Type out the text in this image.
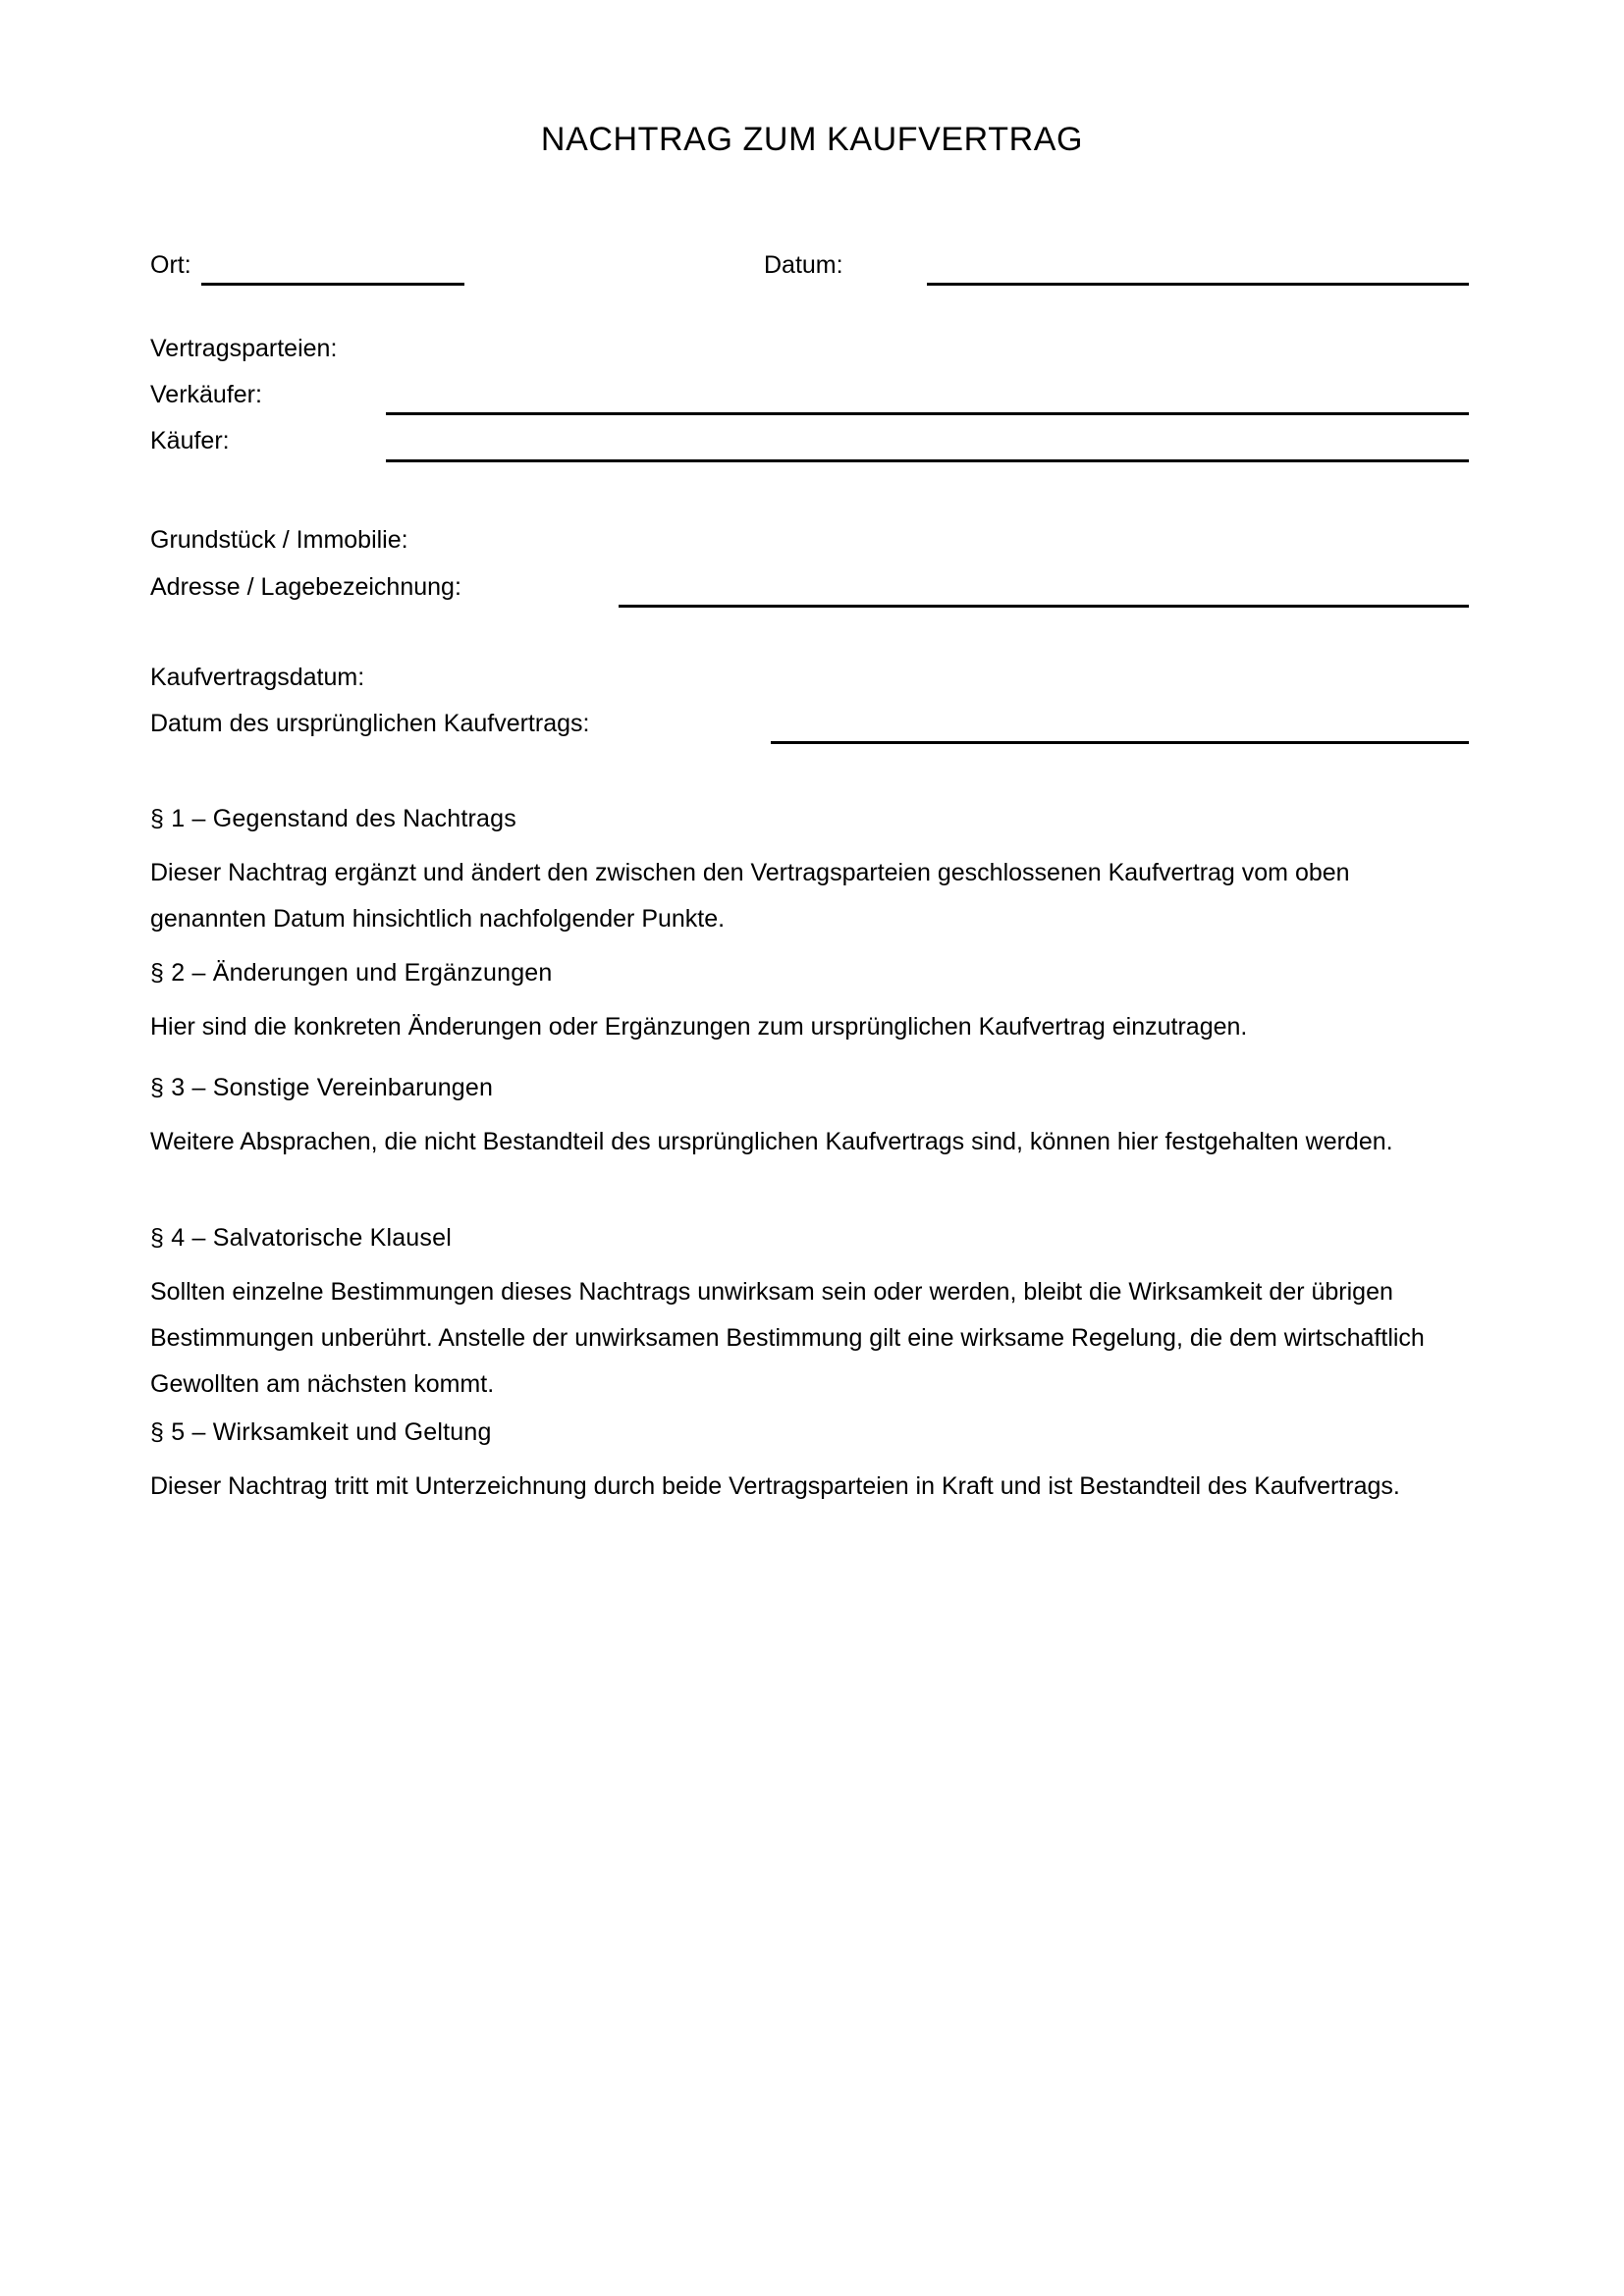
NACHTRAG ZUM KAUFVERTRAG
Ort:	Datum:
Vertragsparteien:
Verkäufer:
Käufer:
Grundstück / Immobilie:
Adresse / Lagebezeichnung:
Kaufvertragsdatum:
Datum des ursprünglichen Kaufvertrags:

§ 1 – Gegenstand des Nachtrags

Dieser Nachtrag ergänzt und ändert den zwischen den Vertragsparteien geschlossenen Kaufvertrag vom oben genannten Datum hinsichtlich nachfolgender Punkte.

§ 2 – Änderungen und Ergänzungen

Hier sind die konkreten Änderungen oder Ergänzungen zum ursprünglichen Kaufvertrag einzutragen.

§ 3 – Sonstige Vereinbarungen

Weitere Absprachen, die nicht Bestandteil des ursprünglichen Kaufvertrags sind, können hier festgehalten werden.

§ 4 – Salvatorische Klausel

Sollten einzelne Bestimmungen dieses Nachtrags unwirksam sein oder werden, bleibt die Wirksamkeit der übrigen Bestimmungen unberührt. Anstelle der unwirksamen Bestimmung gilt eine wirksame Regelung, die dem wirtschaftlich Gewollten am nächsten kommt.

§ 5 – Wirksamkeit und Geltung

Dieser Nachtrag tritt mit Unterzeichnung durch beide Vertragsparteien in Kraft und ist Bestandteil des Kaufvertrags.
